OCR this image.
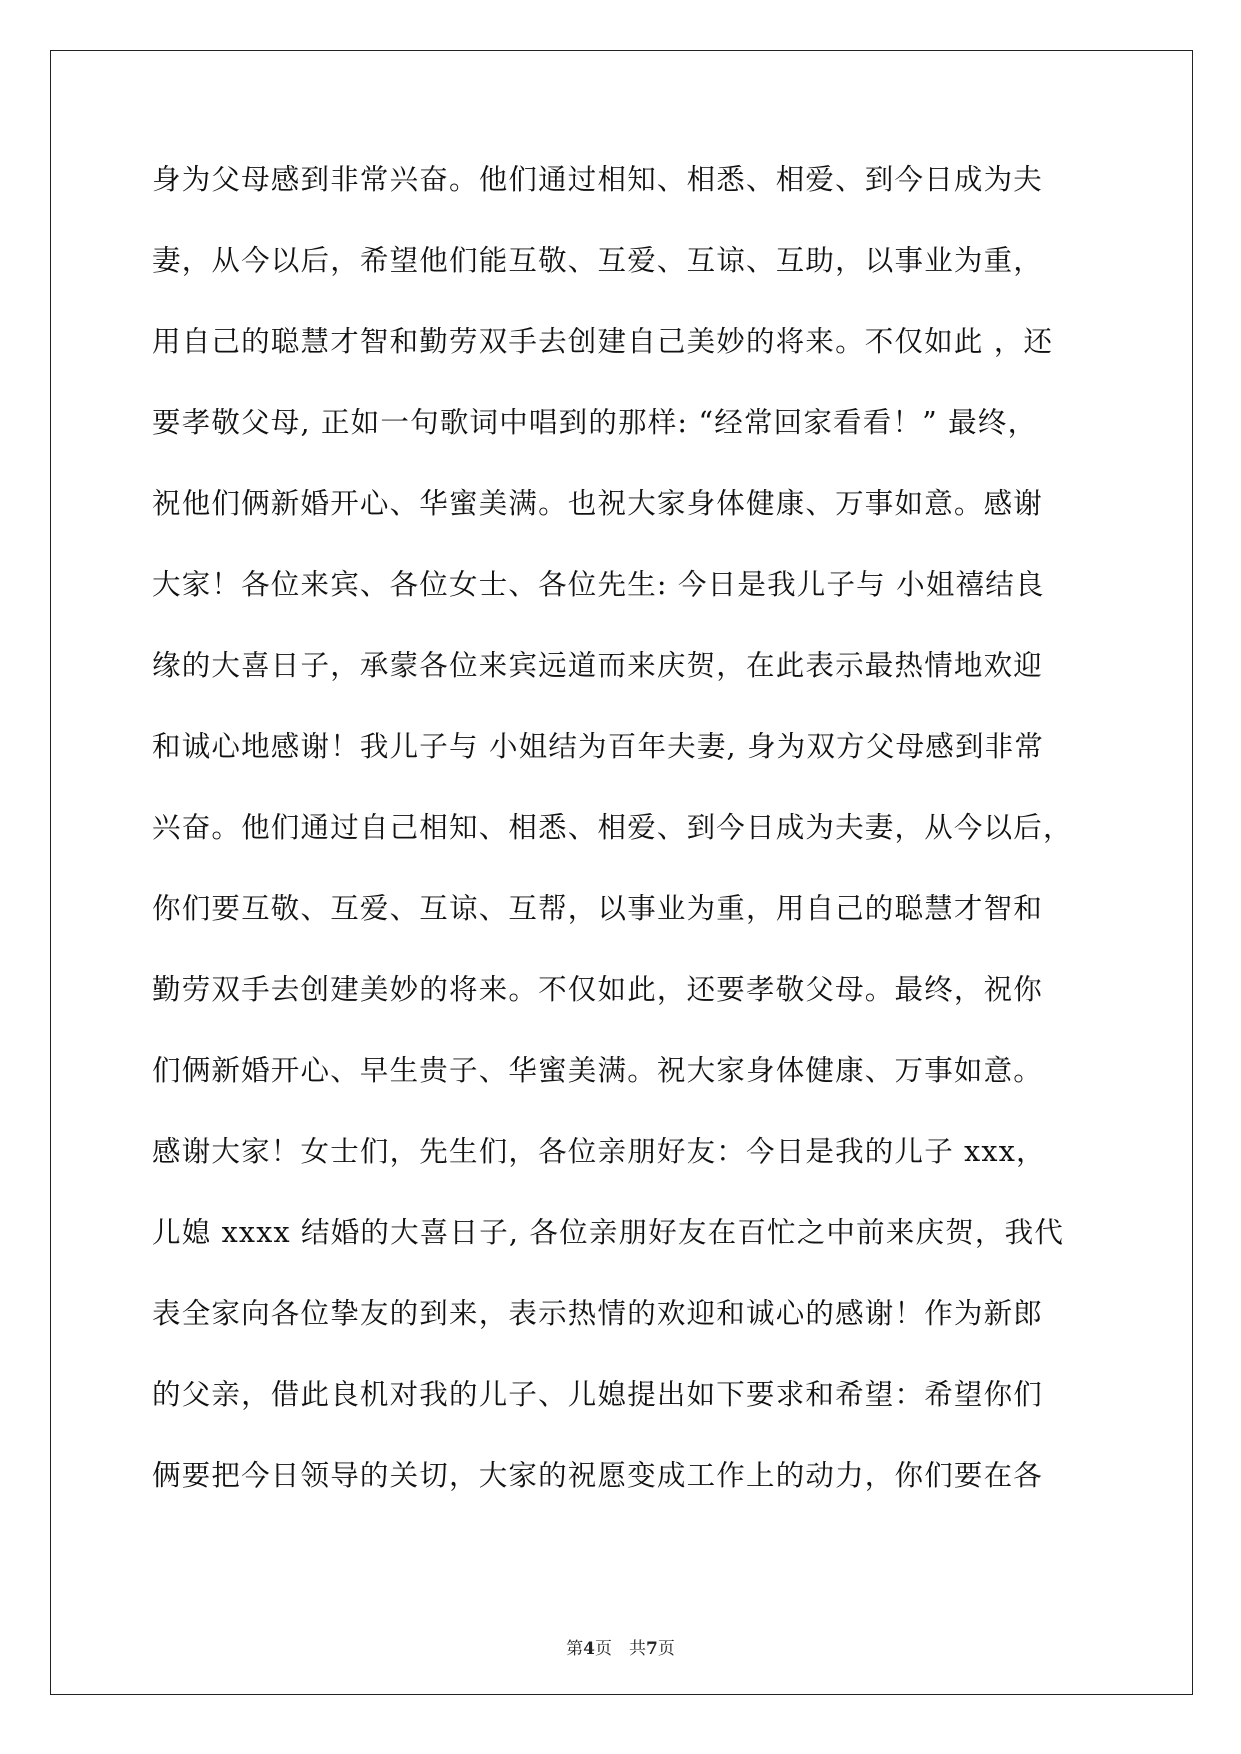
身为父母感到非常兴奋。他们通过相知、相悉、相爱、到今日成为夫
妻，从今以后，希望他们能互敬、互爱、互谅、互助，以事业为重，
用自己的聪慧才智和勤劳双手去创建自己美妙的将来。不仅如此 ，还
要孝敬父母, 正如一句歌词中唱到的那样: “经常回家看看！” 最终，
祝他们俩新婚开心、华蜜美满。也祝大家身体健康、万事如意。感谢
大家！各位来宾、各位女士、各位先生: 今日是我儿子与 小姐禧结良
缘的大喜日子，承蒙各位来宾远道而来庆贺，在此表示最热情地欢迎
和诚心地感谢！我儿子与 小姐结为百年夫妻, 身为双方父母感到非常
兴奋。他们通过自己相知、相悉、相爱、到今日成为夫妻，从今以后，
你们要互敬、互爱、互谅、互帮，以事业为重，用自己的聪慧才智和
勤劳双手去创建美妙的将来。不仅如此，还要孝敬父母。最终，祝你
们俩新婚开心、早生贵子、华蜜美满。祝大家身体健康、万事如意。
感谢大家！女士们，先生们，各位亲朋好友：今日是我的儿子 xxx，
儿媳 xxxx 结婚的大喜日子, 各位亲朋好友在百忙之中前来庆贺，我代
表全家向各位挚友的到来，表示热情的欢迎和诚心的感谢！作为新郎
的父亲，借此良机对我的儿子、儿媳提出如下要求和希望：希望你们
俩要把今日领导的关切，大家的祝愿变成工作上的动力，你们要在各
第4页　共7页
